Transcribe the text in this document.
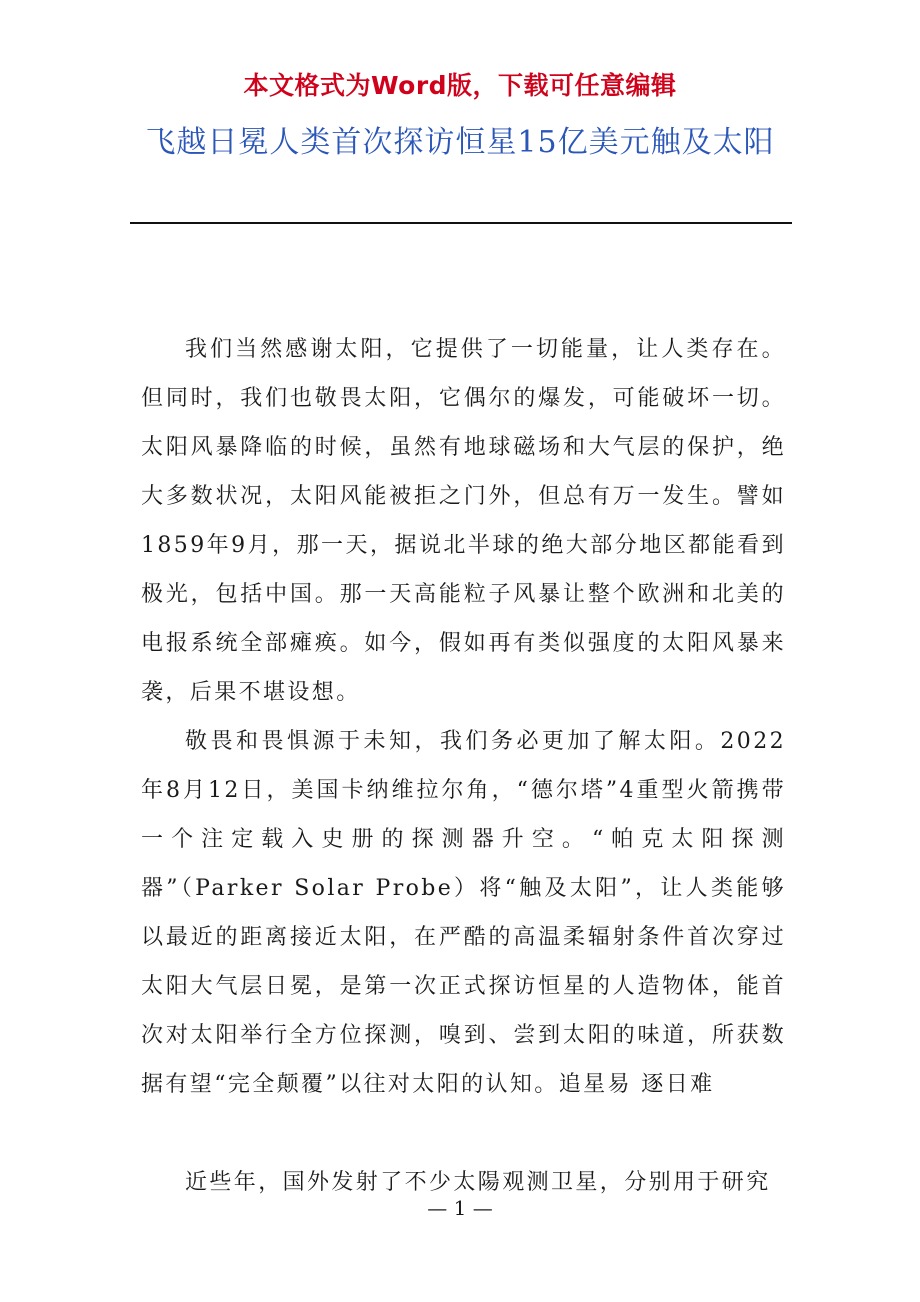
本文格式为Word版，下载可任意编辑
飞越日冕人类首次探访恒星15亿美元触及太阳

我们当然感谢太阳，它提供了一切能量，让人类存在。但同时，我们也敬畏太阳，它偶尔的爆发，可能破坏一切。太阳风暴降临的时候，虽然有地球磁场和大气层的保护，绝大多数状况，太阳风能被拒之门外，但总有万一发生。譬如1859年9月，那一天，据说北半球的绝大部分地区都能看到极光，包括中国。那一天高能粒子风暴让整个欧洲和北美的电报系统全部瘫痪。如今，假如再有类似强度的太阳风暴来袭，后果不堪设想。

敬畏和畏惧源于未知，我们务必更加了解太阳。2022年8月12日，美国卡纳维拉尔角，“德尔塔”4重型火箭携带一个注定载入史册的探测器升空。“帕克太阳探测器”（Parker Solar Probe）将“触及太阳”，让人类能够以最近的距离接近太阳，在严酷的高温柔辐射条件首次穿过太阳大气层日冕，是第一次正式探访恒星的人造物体，能首次对太阳举行全方位探测，嗅到、尝到太阳的味道，所获数据有望“完全颠覆”以往对太阳的认知。追星易 逐日难

近些年，国外发射了不少太陽观测卫星，分别用于研究

— 1 —
